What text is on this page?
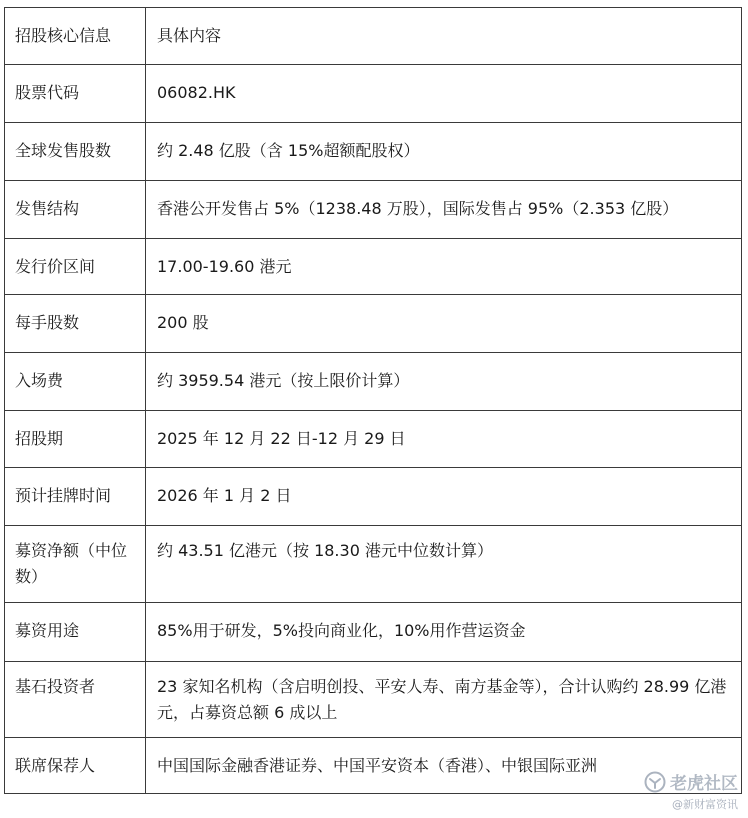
招股核心信息	具体内容
股票代码	06082.HK
全球发售股数	约 2.48 亿股（含 15%超额配股权）
发售结构	香港公开发售占 5%（1238.48 万股），国际发售占 95%（2.353 亿股）
发行价区间	17.00-19.60 港元
每手股数	200 股
入场费	约 3959.54 港元（按上限价计算）
招股期	2025 年 12 月 22 日-12 月 29 日
预计挂牌时间	2026 年 1 月 2 日
募资净额（中位数）	约 43.51 亿港元（按 18.30 港元中位数计算）
募资用途	85%用于研发，5%投向商业化，10%用作营运资金
基石投资者	23 家知名机构（含启明创投、平安人寿、南方基金等），合计认购约 28.99 亿港元，占募资总额 6 成以上
联席保荐人	中国国际金融香港证券、中国平安资本（香港）、中银国际亚洲
老虎社区
@新财富资讯
